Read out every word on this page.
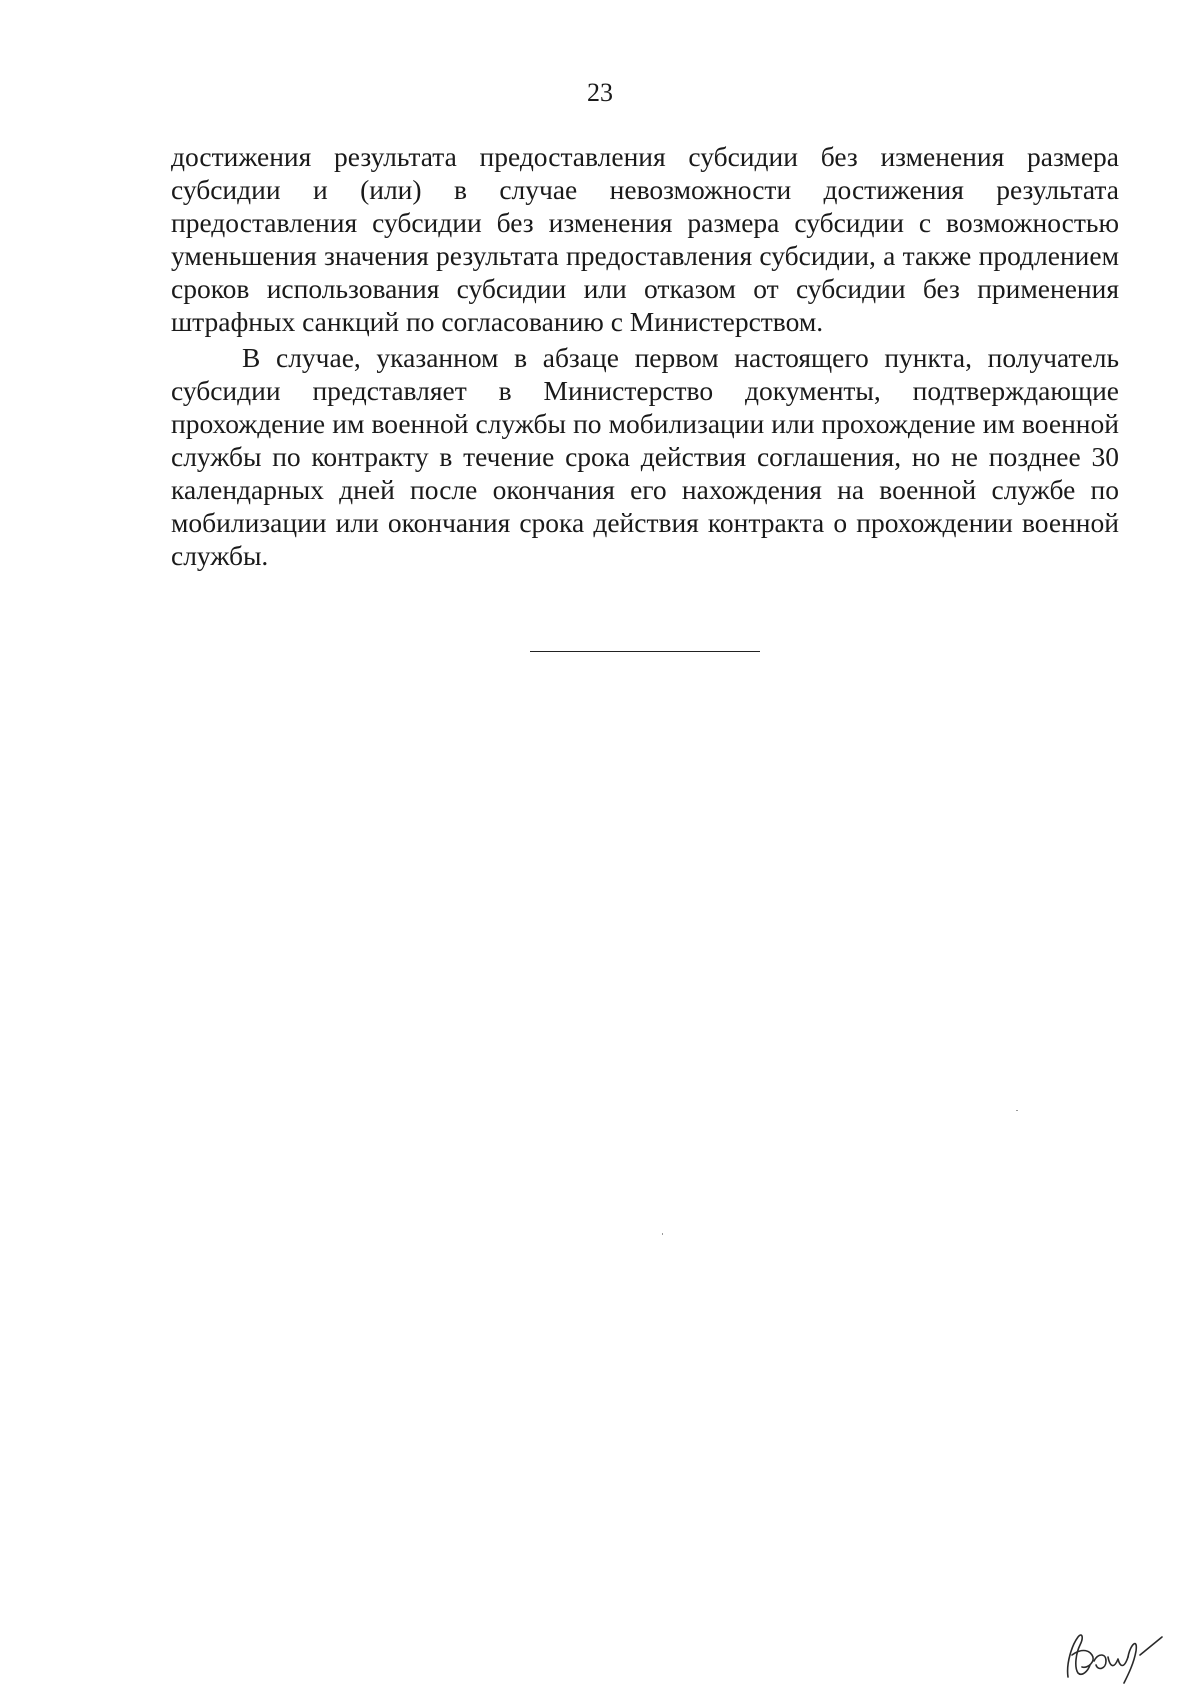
23

достижения результата предоставления субсидии без изменения размера субсидии и (или) в случае невозможности достижения результата предоставления субсидии без изменения размера субсидии с возможностью уменьшения значения результата предоставления субсидии, а также продлением сроков использования субсидии или отказом от субсидии без применения штрафных санкций по согласованию с Министерством.

В случае, указанном в абзаце первом настоящего пункта, получатель субсидии представляет в Министерство документы, подтверждающие прохождение им военной службы по мобилизации или прохождение им военной службы по контракту в течение срока действия соглашения, но не позднее 30 календарных дней после окончания его нахождения на военной службе по мобилизации или окончания срока действия контракта о прохождении военной службы.
